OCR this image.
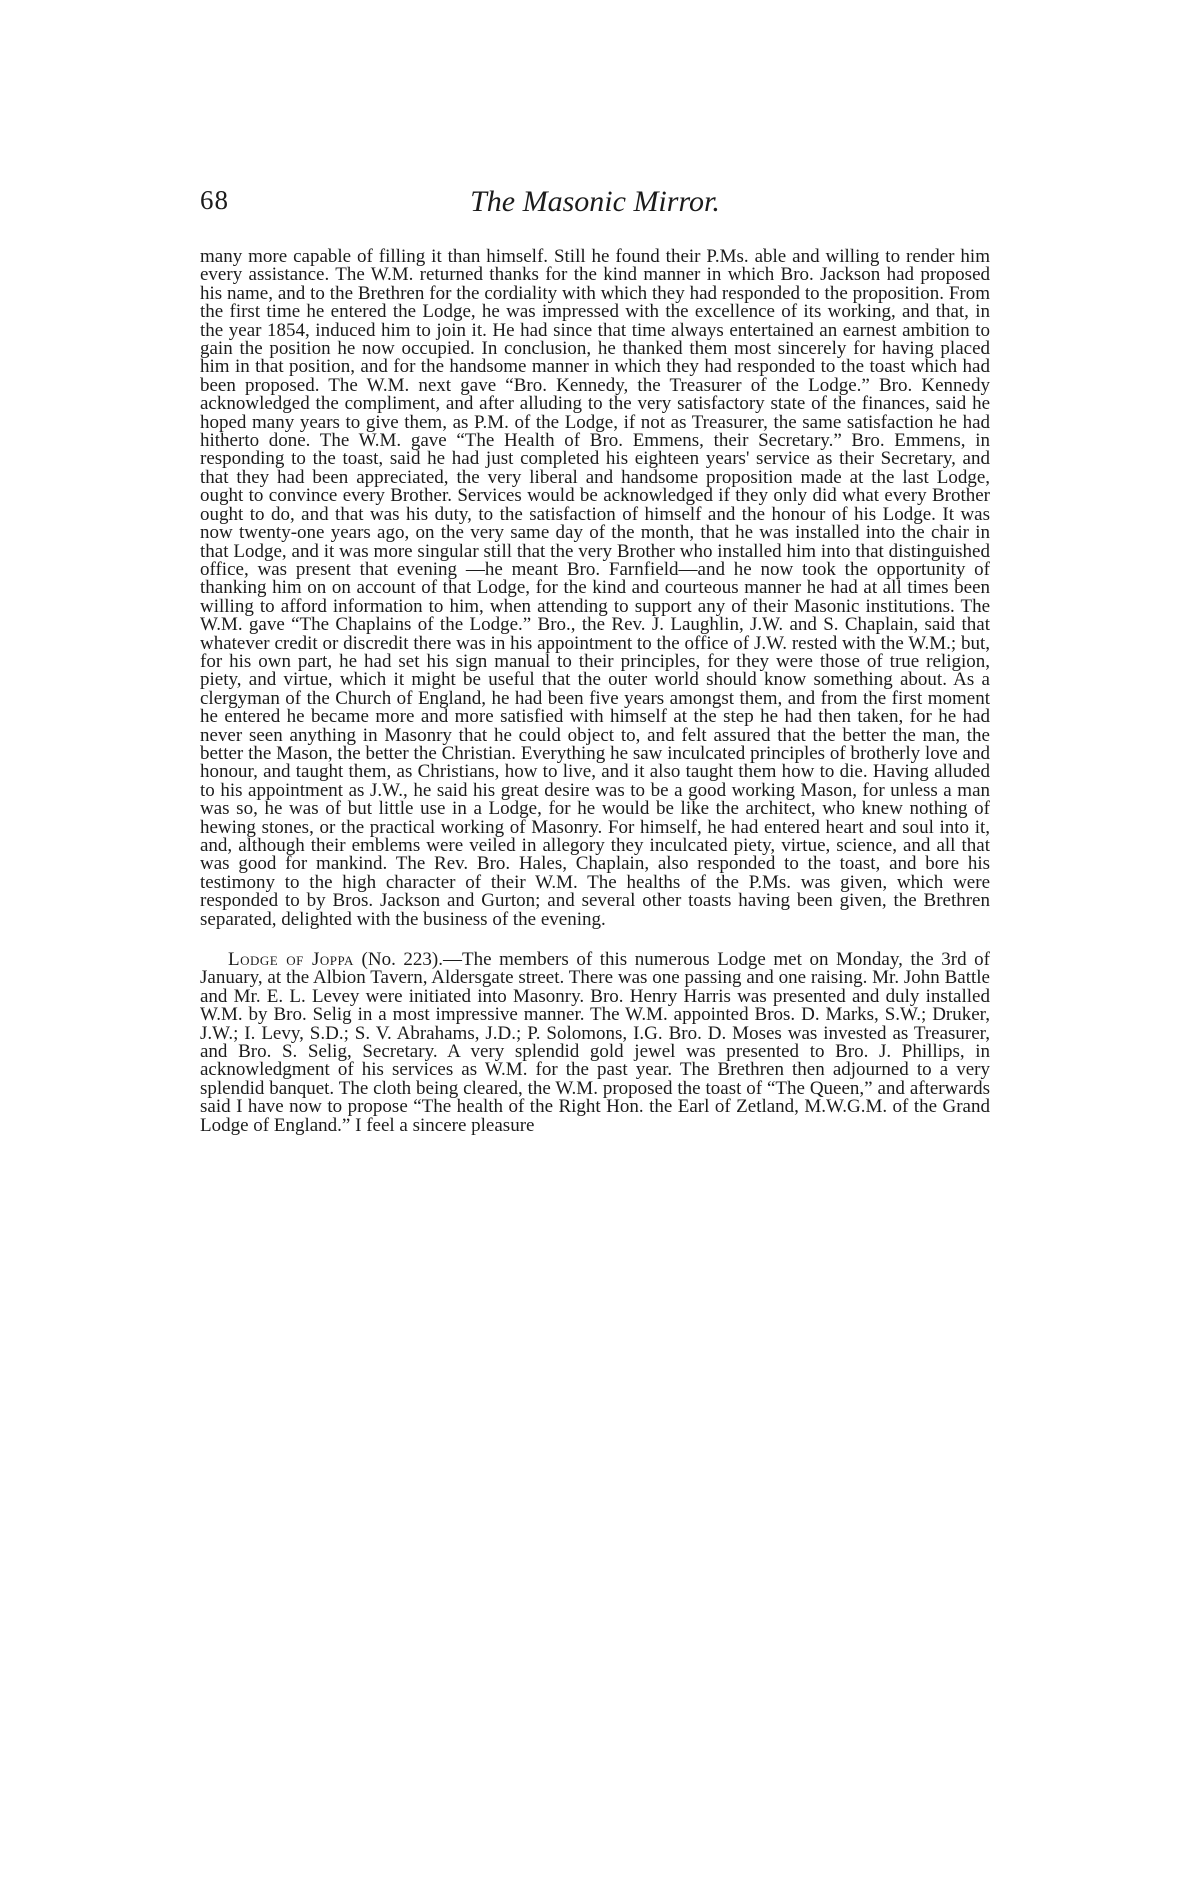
68	The Masonic Mirror.

many more capable of filling it than himself. Still he found their P.Ms. able and willing to render him every assistance. The W.M. returned thanks for the kind manner in which Bro. Jackson had proposed his name, and to the Brethren for the cordiality with which they had responded to the proposition. From the first time he entered the Lodge, he was impressed with the excellence of its working, and that, in the year 1854, induced him to join it. He had since that time always entertained an earnest ambition to gain the position he now occupied. In conclusion, he thanked them most sincerely for having placed him in that position, and for the handsome manner in which they had responded to the toast which had been proposed. The W.M. next gave “Bro. Kennedy, the Treasurer of the Lodge.” Bro. Kennedy acknowledged the compliment, and after alluding to the very satisfactory state of the finances, said he hoped many years to give them, as P.M. of the Lodge, if not as Treasurer, the same satisfaction he had hitherto done. The W.M. gave “The Health of Bro. Emmens, their Secretary.” Bro. Emmens, in responding to the toast, said he had just completed his eighteen years' service as their Secretary, and that they had been appreciated, the very liberal and handsome proposition made at the last Lodge, ought to convince every Brother. Services would be acknowledged if they only did what every Brother ought to do, and that was his duty, to the satisfaction of himself and the honour of his Lodge. It was now twenty-one years ago, on the very same day of the month, that he was installed into the chair in that Lodge, and it was more singular still that the very Brother who installed him into that distinguished office, was present that evening —he meant Bro. Farnfield—and he now took the opportunity of thanking him on on account of that Lodge, for the kind and courteous manner he had at all times been willing to afford information to him, when attending to support any of their Masonic institutions. The W.M. gave “The Chaplains of the Lodge.” Bro., the Rev. J. Laughlin, J.W. and S. Chaplain, said that whatever credit or discredit there was in his appointment to the office of J.W. rested with the W.M.; but, for his own part, he had set his sign manual to their principles, for they were those of true religion, piety, and virtue, which it might be useful that the outer world should know something about. As a clergyman of the Church of England, he had been five years amongst them, and from the first moment he entered he became more and more satisfied with himself at the step he had then taken, for he had never seen anything in Masonry that he could object to, and felt assured that the better the man, the better the Mason, the better the Christian. Everything he saw inculcated principles of brotherly love and honour, and taught them, as Christians, how to live, and it also taught them how to die. Having alluded to his appointment as J.W., he said his great desire was to be a good working Mason, for unless a man was so, he was of but little use in a Lodge, for he would be like the architect, who knew nothing of hewing stones, or the practical working of Masonry. For himself, he had entered heart and soul into it, and, although their emblems were veiled in allegory they inculcated piety, virtue, science, and all that was good for mankind. The Rev. Bro. Hales, Chaplain, also responded to the toast, and bore his testimony to the high character of their W.M. The healths of the P.Ms. was given, which were responded to by Bros. Jackson and Gurton; and several other toasts having been given, the Brethren separated, delighted with the business of the evening.

Lodge of Joppa (No. 223).—The members of this numerous Lodge met on Monday, the 3rd of January, at the Albion Tavern, Aldersgate street. There was one passing and one raising. Mr. John Battle and Mr. E. L. Levey were initiated into Masonry. Bro. Henry Harris was presented and duly installed W.M. by Bro. Selig in a most impressive manner. The W.M. appointed Bros. D. Marks, S.W.; Druker, J.W.; I. Levy, S.D.; S. V. Abrahams, J.D.; P. Solomons, I.G. Bro. D. Moses was invested as Treasurer, and Bro. S. Selig, Secretary. A very splendid gold jewel was presented to Bro. J. Phillips, in acknowledgment of his services as W.M. for the past year. The Brethren then adjourned to a very splendid banquet. The cloth being cleared, the W.M. proposed the toast of “The Queen,” and afterwards said I have now to propose “The health of the Right Hon. the Earl of Zetland, M.W.G.M. of the Grand Lodge of England.” I feel a sincere pleasure
